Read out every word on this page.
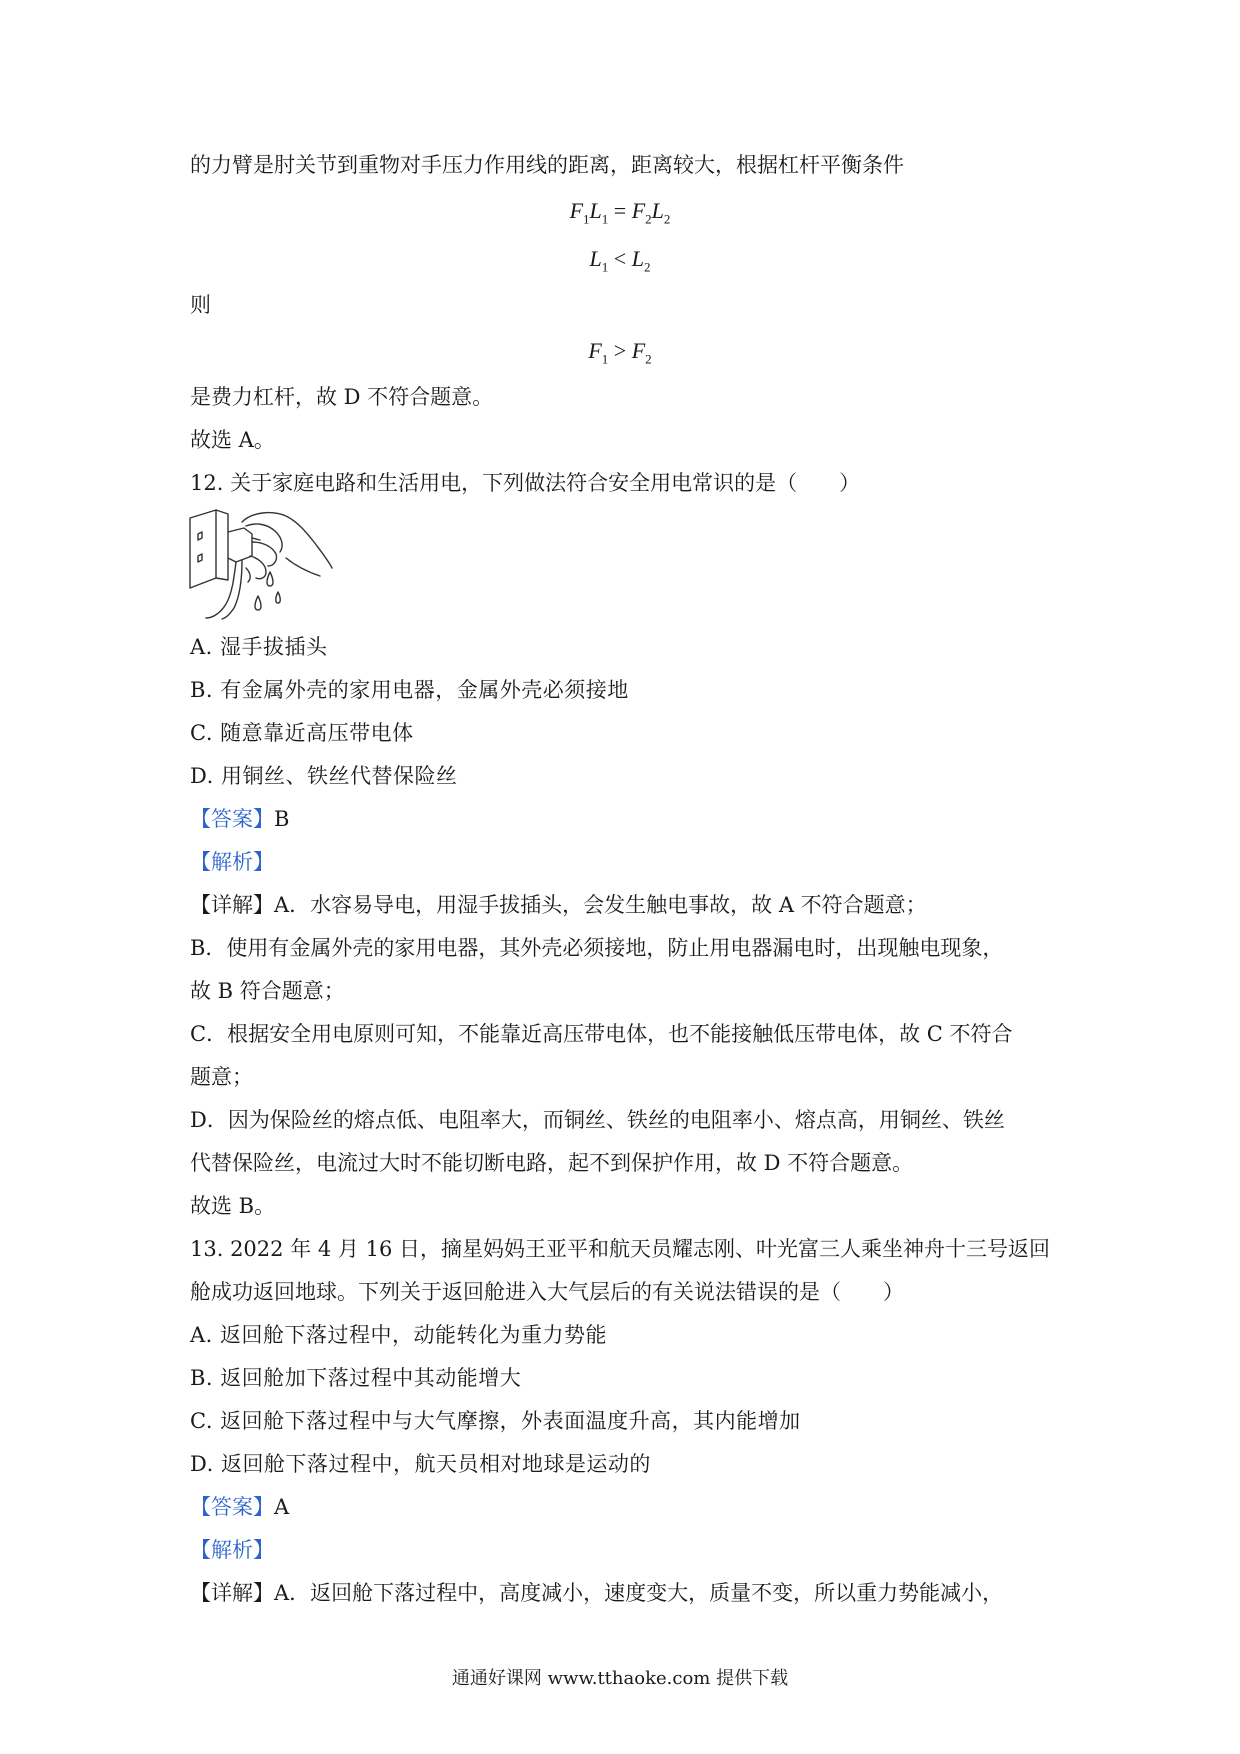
的力臂是肘关节到重物对手压力作用线的距离，距离较大，根据杠杆平衡条件
$F_1L_1 = F_2L_2$
$L_1 < L_2$
则
$F_1 > F_2$
是费力杠杆，故 D 不符合题意。
故选 A。
12. 关于家庭电路和生活用电，下列做法符合安全用电常识的是（　　）
A. 湿手拔插头
B. 有金属外壳的家用电器，金属外壳必须接地
C. 随意靠近高压带电体
D. 用铜丝、铁丝代替保险丝
【答案】B
【解析】
【详解】A．水容易导电，用湿手拔插头，会发生触电事故，故 A 不符合题意；
B．使用有金属外壳的家用电器，其外壳必须接地，防止用电器漏电时，出现触电现象，
故 B 符合题意；
C．根据安全用电原则可知，不能靠近高压带电体，也不能接触低压带电体，故 C 不符合
题意；
D．因为保险丝的熔点低、电阻率大，而铜丝、铁丝的电阻率小、熔点高，用铜丝、铁丝
代替保险丝，电流过大时不能切断电路，起不到保护作用，故 D 不符合题意。
故选 B。
13. 2022 年 4 月 16 日，摘星妈妈王亚平和航天员耀志刚、叶光富三人乘坐神舟十三号返回
舱成功返回地球。下列关于返回舱进入大气层后的有关说法错误的是（　　）
A. 返回舱下落过程中，动能转化为重力势能
B. 返回舱加下落过程中其动能增大
C. 返回舱下落过程中与大气摩擦，外表面温度升高，其内能增加
D. 返回舱下落过程中，航天员相对地球是运动的
【答案】A
【解析】
【详解】A．返回舱下落过程中，高度减小，速度变大，质量不变，所以重力势能减小，
通通好课网 www.tthaoke.com 提供下载
